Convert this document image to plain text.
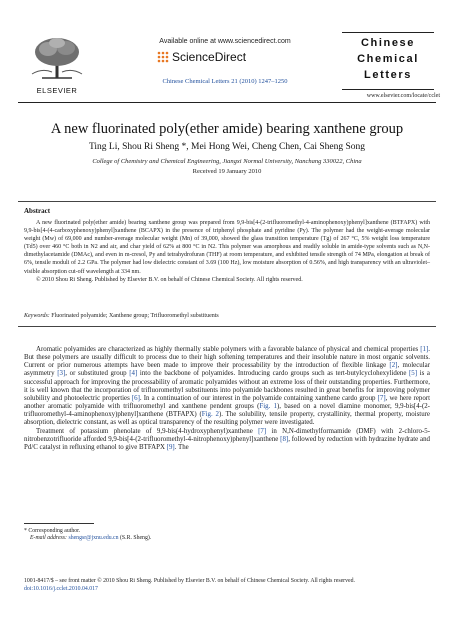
ELSEVIER
Available online at www.sciencedirect.com
ScienceDirect
Chinese Chemical Letters 21 (2010) 1247–1250
Chinese
Chemical
Letters
www.elsevier.com/locate/cclet
A new fluorinated poly(ether amide) bearing xanthene group
Ting Li, Shou Ri Sheng *, Mei Hong Wei, Cheng Chen, Cai Sheng Song
College of Chemistry and Chemical Engineering, Jiangxi Normal University, Nanchang 330022, China
Received 19 January 2010
Abstract
A new fluorinated poly(ether amide) bearing xanthene group was prepared from 9,9-bis[4-(2-trifluoromethyl-4-aminophenoxy)phenyl]xanthene (BTFAPX) with 9,9-bis[4-(4-carboxyphenoxy)phenyl]xanthene (BCAPX) in the presence of triphenyl phosphate and pyridine (Py). The polymer had the weight-average molecular weight (Mw) of 69,000 and number-average molecular weight (Mn) of 39,000, showed the glass transition temperature (Tg) of 267 °C, 5% weight loss temperature (Td5) over 460 °C both in N2 and air, and char yield of 62% at 800 °C in N2. This polymer was amorphous and readily soluble in amide-type solvents such as N,N-dimethylacetamide (DMAc), and even in m-cresol, Py and tetrahydrofuran (THF) at room temperature, and exhibited tensile strength of 74 MPa, elongation at break of 6%, tensile moduli of 2.2 GPa. The polymer had low dielectric constant of 3.69 (100 Hz), low moisture absorption of 0.56%, and high transparency with an ultraviolet–visible absorption cut-off wavelength at 334 nm.
© 2010 Shou Ri Sheng. Published by Elsevier B.V. on behalf of Chinese Chemical Society. All rights reserved.
Keywords: Fluorinated polyamide; Xanthene group; Trifluoromethyl substituents

Aromatic polyamides are characterized as highly thermally stable polymers with a favorable balance of physical and chemical properties [1]. But these polymers are usually difficult to process due to their high softening temperatures and their insoluble nature in most organic solvents. Current or prior numerous attempts have been made to improve their processability by the introduction of flexible linkage [2], molecular asymmetry [3], or substituted group [4] into the backbone of polyamides. Introducing cardo groups such as tert-butylcyclohexylidene [5] is a successful approach for improving the processability of aromatic polyamides without an extreme loss of their outstanding properties. Furthermore, it is well known that the incorporation of trifluoromethyl substituents into polyamide backbones resulted in great benefits for improving polymer solubility and photoelectric properties [6]. In a continuation of our interest in the polyamide containing xanthene cardo group [7], we here report another aromatic polyamide with trifluoromethyl and xanthene pendent groups (Fig. 1), based on a novel diamine monomer, 9,9-bis[4-(2-trifluoromethyl-4-aminophenoxy)phenyl]xanthene (BTFAPX) (Fig. 2). The solubility, tensile property, crystallinity, thermal property, moisture absorption, dielectric constant, as well as optical transparency of the resulting polymer were investigated.

Treatment of potassium phenolate of 9,9-bis(4-hydroxyphenyl)xanthene [7] in N,N-dimethylformamide (DMF) with 2-chloro-5-nitrobenzotrifluoride afforded 9,9-bis[4-(2-trifluoromethyl-4-nitrophenoxy)phenyl]xanthene [8], followed by reduction with hydrazine hydrate and Pd/C catalyst in refluxing ethanol to give BTFAPX [9]. The

* Corresponding author.
E-mail address: shengsr@jxnu.edu.cn (S.R. Sheng).
1001-8417/$ – see front matter © 2010 Shou Ri Sheng. Published by Elsevier B.V. on behalf of Chinese Chemical Society. All rights reserved.
doi:10.1016/j.cclet.2010.04.017
